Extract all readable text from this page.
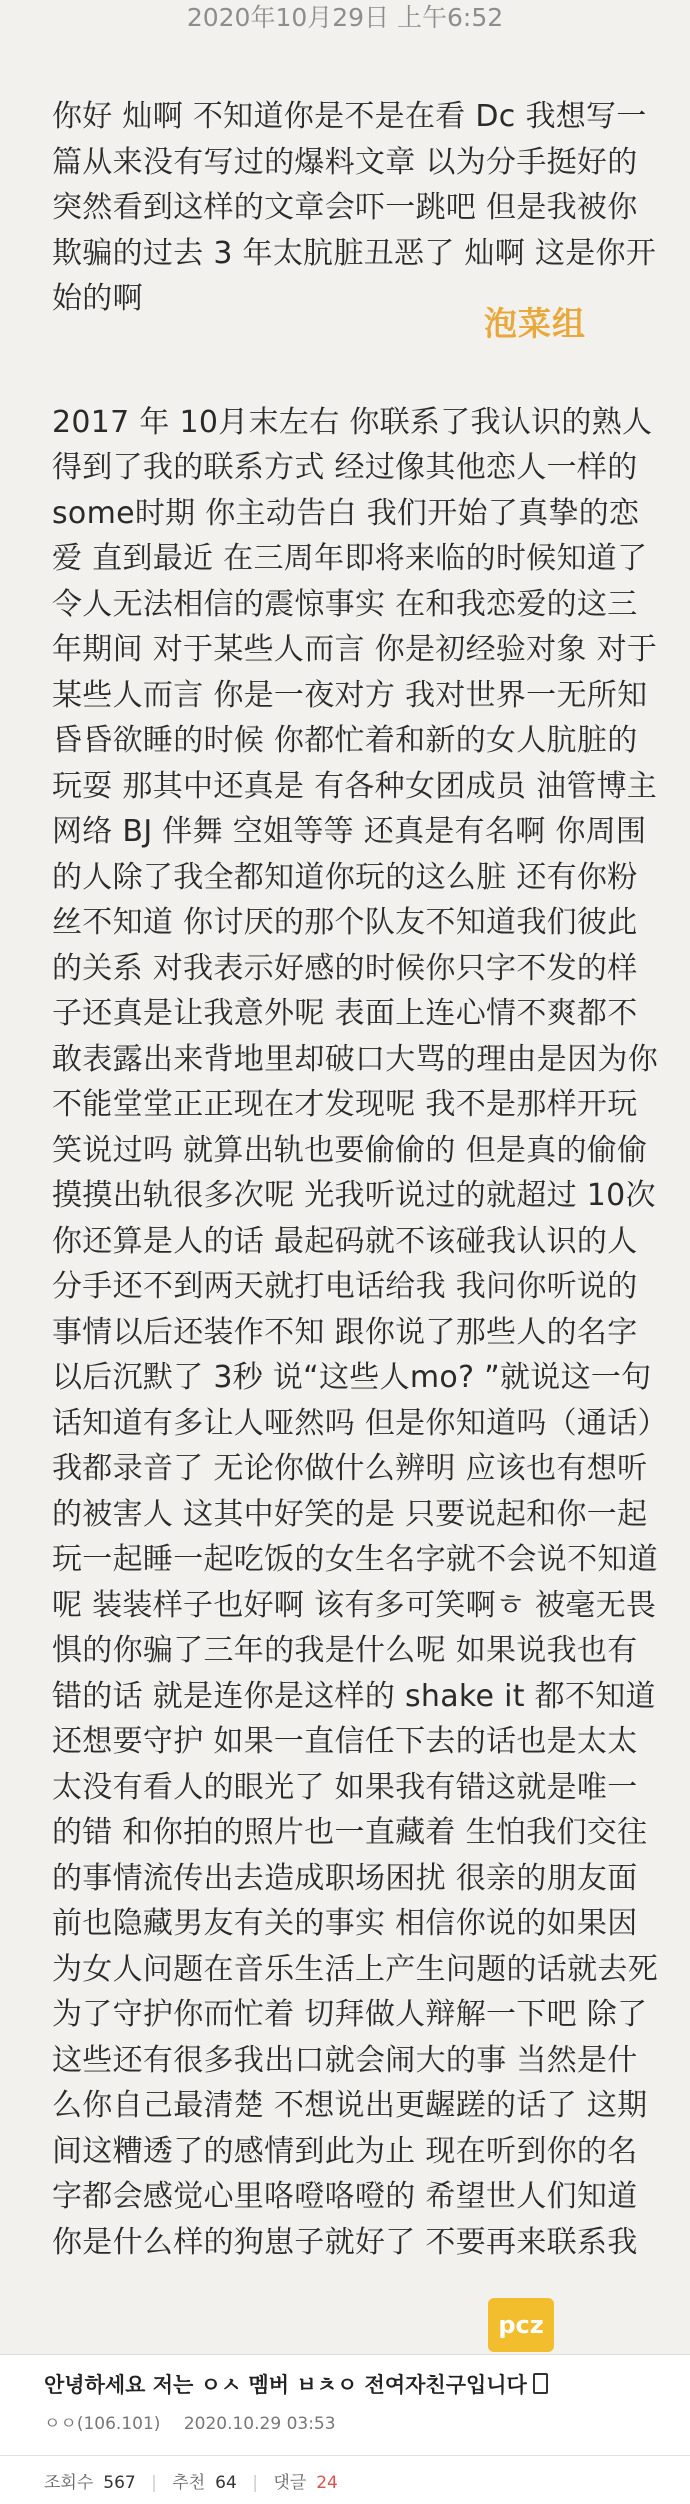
2020年10月29日 上午6:52

你好 灿啊 不知道你是不是在看 Dc 我想写一篇从来没有写过的爆料文章 以为分手挺好的 突然看到这样的文章会吓一跳吧 但是我被你欺骗的过去 3 年太肮脏丑恶了 灿啊 这是你开始的啊

2017 年 10月末左右 你联系了我认识的熟人得到了我的联系方式 经过像其他恋人一样的 some时期 你主动告白 我们开始了真挚的恋爱 直到最近 在三周年即将来临的时候知道了令人无法相信的震惊事实 在和我恋爱的这三年期间 对于某些人而言 你是初经验对象 对于某些人而言 你是一夜对方 我对世界一无所知昏昏欲睡的时候 你都忙着和新的女人肮脏的玩耍 那其中还真是 有各种女团成员 油管博主 网络 BJ 伴舞 空姐等等 还真是有名啊 你周围的人除了我全都知道你玩的这么脏 还有你粉丝不知道 你讨厌的那个队友不知道我们彼此的关系 对我表示好感的时候你只字不发的样子还真是让我意外呢 表面上连心情不爽都不敢表露出来背地里却破口大骂的理由是因为你不能堂堂正正现在才发现呢 我不是那样开玩笑说过吗 就算出轨也要偷偷的 但是真的偷偷摸摸出轨很多次呢 光我听说过的就超过 10次 你还算是人的话 最起码就不该碰我认识的人 分手还不到两天就打电话给我 我问你听说的事情以后还装作不知 跟你说了那些人的名字以后沉默了 3秒 说“这些人mo? ”就说这一句话知道有多让人哑然吗 但是你知道吗（通话）我都录音了 无论你做什么辨明 应该也有想听的被害人 这其中好笑的是 只要说起和你一起玩一起睡一起吃饭的女生名字就不会说不知道呢 装装样子也好啊 该有多可笑啊ㅎ 被毫无畏惧的你骗了三年的我是什么呢 如果说我也有错的话 就是连你是这样的 shake it 都不知道 还想要守护 如果一直信任下去的话也是太太太没有看人的眼光了 如果我有错这就是唯一的错 和你拍的照片也一直藏着 生怕我们交往的事情流传出去造成职场困扰 很亲的朋友面前也隐藏男友有关的事实 相信你说的如果因为女人问题在音乐生活上产生问题的话就去死 为了守护你而忙着 切拜做人辩解一下吧 除了这些还有很多我出口就会闹大的事 当然是什么你自己最清楚 不想说出更龌蹉的话了 这期间这糟透了的感情到此为止 现在听到你的名字都会感觉心里咯噔咯噔的 希望世人们知道你是什么样的狗崽子就好了 不要再来联系我

泡菜组
pcz
안녕하세요 저는 ㅇㅅ 멤버 ㅂㅊㅇ 전여자친구입니다
ㅇㅇ(106.101) 2020.10.29 03:53
조회수 567 | 추천 64 | 댓글 24
